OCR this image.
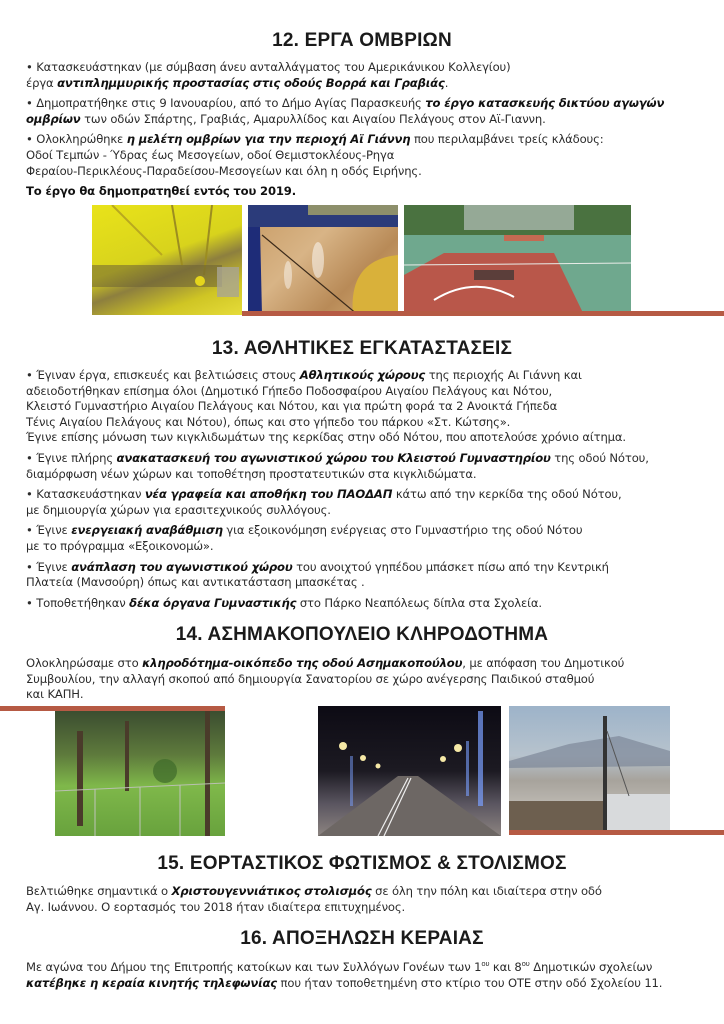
12. ΕΡΓΑ ΟΜΒΡΙΩΝ
• Κατασκευάστηκαν (με σύμβαση άνευ ανταλλάγματος του Αμερικάνικου Κολλεγίου)
έργα αντιπλημμυρικής προστασίας στις οδούς Βορρά και Γραβιάς.
• Δημοπρατήθηκε στις 9 Ιανουαρίου, από το Δήμο Αγίας Παρασκευής το έργο κατασκευής δικτύου αγωγών
ομβρίων των οδών Σπάρτης, Γραβιάς, Αμαρυλλίδος και Αιγαίου Πελάγους στον Αϊ-Γιαννη.
• Ολοκληρώθηκε η μελέτη ομβρίων για την περιοχή Αϊ Γιάννη που περιλαμβάνει τρείς κλάδους:
Οδοί Τεμπών - Ύδρας έως Μεσογείων, οδοί Θεμιστοκλέους-Ρηγα
Φεραίου-Περικλέους-Παραδείσου-Μεσογείων και όλη η οδός Ειρήνης.
Το έργο θα δημοπρατηθεί εντός του 2019.
13. ΑΘΛΗΤΙΚΕΣ ΕΓΚΑΤΑΣΤΑΣΕΙΣ
• Έγιναν έργα, επισκευές και βελτιώσεις στους Αθλητικούς χώρους της περιοχής Αι Γιάννη και
αδειοδοτήθηκαν επίσημα όλοι (Δημοτικό Γήπεδο Ποδοσφαίρου Αιγαίου Πελάγους και Νότου,
Κλειστό Γυμναστήριο Αιγαίου Πελάγους και Νότου, και για πρώτη φορά τα 2 Ανοικτά Γήπεδα
Τένις Αιγαίου Πελάγους και Νότου), όπως και στο γήπεδο του πάρκου «Στ. Κώτσης».
Έγινε επίσης μόνωση των κιγκλιδωμάτων της κερκίδας στην οδό Νότου, που αποτελούσε χρόνιο αίτημα.
• Έγινε πλήρης ανακατασκευή του αγωνιστικού χώρου του Κλειστού Γυμναστηρίου της οδού Νότου,
διαμόρφωση νέων χώρων και τοποθέτηση προστατευτικών στα κιγκλιδώματα.
• Κατασκευάστηκαν νέα γραφεία και αποθήκη του ΠΑΟΔΑΠ κάτω από την κερκίδα της οδού Νότου,
με δημιουργία χώρων για ερασιτεχνικούς συλλόγους.
• Έγινε ενεργειακή αναβάθμιση για εξοικονόμηση ενέργειας στο Γυμναστήριο της οδού Νότου
με το πρόγραμμα «Εξοικονομώ».
• Έγινε ανάπλαση του αγωνιστικού χώρου του ανοιχτού γηπέδου μπάσκετ πίσω από την Κεντρική
Πλατεία (Μανσούρη) όπως και αντικατάσταση μπασκέτας .
• Τοποθετήθηκαν δέκα όργανα Γυμναστικής στο Πάρκο Νεαπόλεως δίπλα στα Σχολεία.
14. ΑΣΗΜΑΚΟΠΟΥΛΕΙΟ ΚΛΗΡΟΔΟΤΗΜΑ
Ολοκληρώσαμε στο κληροδότημα-οικόπεδο της οδού Ασημακοπούλου, με απόφαση του Δημοτικού
Συμβουλίου, την αλλαγή σκοπού από δημιουργία Σανατορίου σε χώρο ανέγερσης Παιδικού σταθμού
και ΚΑΠΗ.
15. ΕΟΡΤΑΣΤΙΚΟΣ ΦΩΤΙΣΜΟΣ & ΣΤΟΛΙΣΜΟΣ
Βελτιώθηκε σημαντικά ο Χριστουγεννιάτικος στολισμός σε όλη την πόλη και ιδιαίτερα στην οδό
Αγ. Ιωάννου. Ο εορτασμός του 2018 ήταν ιδιαίτερα επιτυχημένος.
16. ΑΠΟΞΗΛΩΣΗ ΚΕΡΑΙΑΣ
Με αγώνα του Δήμου της Επιτροπής κατοίκων και των Συλλόγων Γονέων των $1^{o\upsilon}$ και $8^{o\upsilon}$ Δημοτικών σχολείων
κατέβηκε η κεραία κινητής τηλεφωνίας που ήταν τοποθετημένη στο κτίριο του ΟΤΕ στην οδό Σχολείου 11.
